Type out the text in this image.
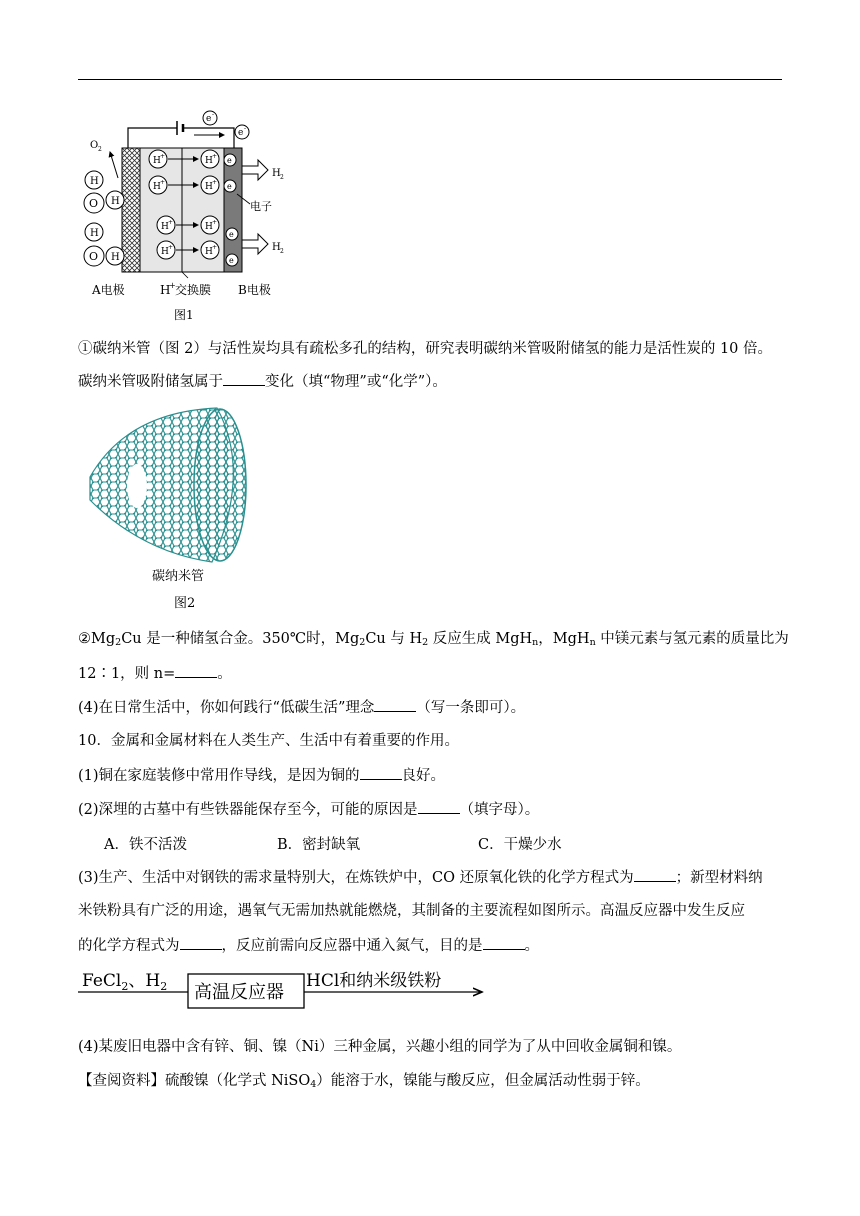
e -
e -
O 2
H
O H
H
O H
H +	H +
H +	H +
H +	H +
H +	H +
e
e
e
e
H 2
H 2
电子
A电极	H
+ 交换膜 B电极
图1
①碳纳米管（图 2）与活性炭均具有疏松多孔的结构，研究表明碳纳米管吸附储氢的能力是活性炭的 10 倍。
碳纳米管吸附储氢属于	变化（填“物理”或“化学”）。
碳纳米管
图2
$②Mg_2Cu$ 是一种储氢合金。350℃时，$Mg_2Cu$ 与 $H_2$ 反应生成 MgH$_n$，MgH$_n$ 中镁元素与氢元素的质量比为
12∶1，则 n=	。
(4)在日常生活中，你如何践行“低碳生活”理念	（写一条即可）。
10．金属和金属材料在人类生产、生活中有着重要的作用。
(1)铜在家庭装修中常用作导线，是因为铜的	良好。
(2)深埋的古墓中有些铁器能保存至今，可能的原因是	（填字母）。
A．铁不活泼	B．密封缺氧	C．干燥少水
(3)生产、生活中对钢铁的需求量特别大，在炼铁炉中，CO 还原氧化铁的化学方程式为	；新型材料纳
米铁粉具有广泛的用途，遇氧气无需加热就能燃烧，其制备的主要流程如图所示。高温反应器中发生反应
的化学方程式为	，反应前需向反应器中通入氮气，目的是	。
FeCl$_2$、$H_2$ 高温反应器
HCl和纳米级铁粉
(4)某废旧电器中含有锌、铜、镍（Ni）三种金属，兴趣小组的同学为了从中回收金属铜和镍。
【查阅资料】硫酸镍（化学式 NiSO$_4$）能溶于水，镍能与酸反应，但金属活动性弱于锌。
